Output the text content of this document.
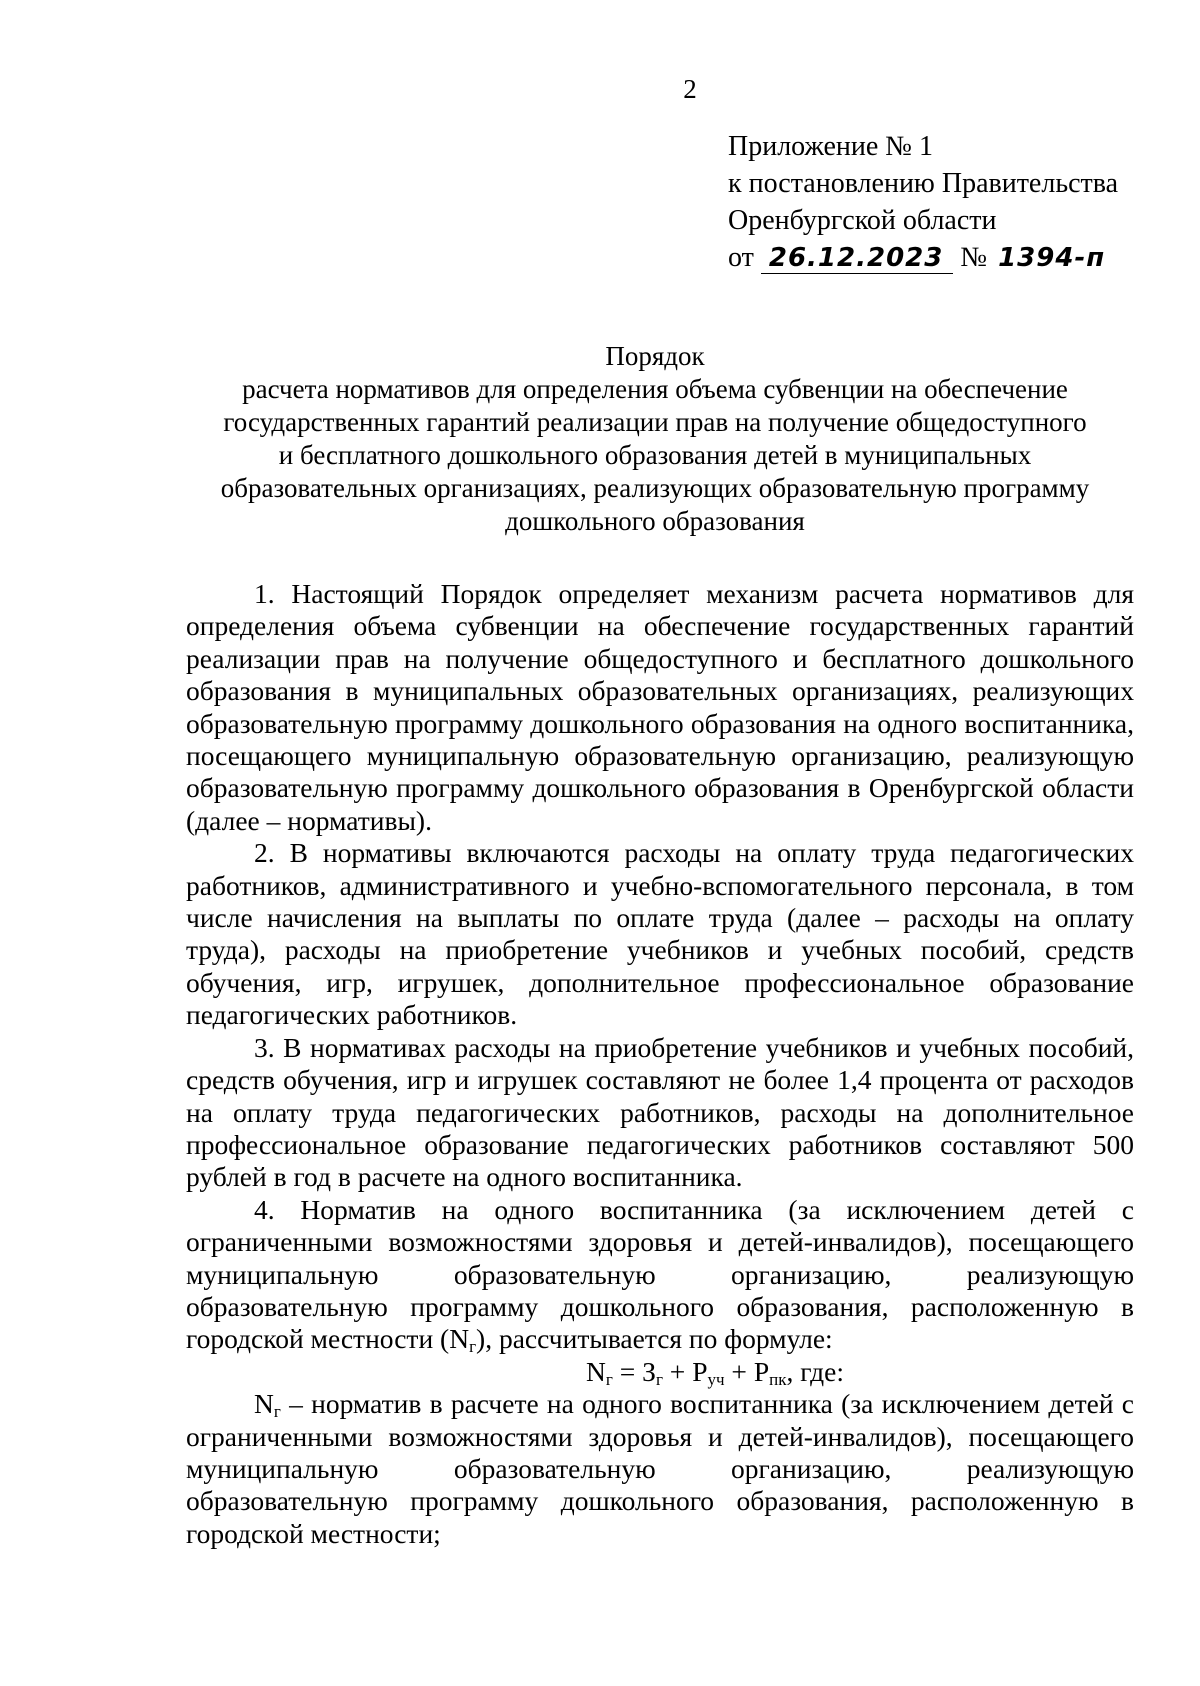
2
Приложение № 1
к постановлению Правительства
Оренбургской области
от 26.12.2023 № 1394-п
Порядок
расчета нормативов для определения объема субвенции на обеспечение
государственных гарантий реализации прав на получение общедоступного
и бесплатного дошкольного образования детей в муниципальных
образовательных организациях, реализующих образовательную программу
дошкольного образования

1. Настоящий Порядок определяет механизм расчета нормативов для определения объема субвенции на обеспечение государственных гарантий реализации прав на получение общедоступного и бесплатного дошкольного образования в муниципальных образовательных организациях, реализующих образовательную программу дошкольного образования на одного воспитанника, посещающего муниципальную образовательную организацию, реализующую образовательную программу дошкольного образования в Оренбургской области (далее – нормативы).

2. В нормативы включаются расходы на оплату труда педагогических работников, административного и учебно-вспомогательного персонала, в том числе начисления на выплаты по оплате труда (далее – расходы на оплату труда), расходы на приобретение учебников и учебных пособий, средств обучения, игр, игрушек, дополнительное профессиональное образование педагогических работников.

3. В нормативах расходы на приобретение учебников и учебных пособий, средств обучения, игр и игрушек составляют не более 1,4 процента от расходов на оплату труда педагогических работников, расходы на дополнительное профессиональное образование педагогических работников составляют 500 рублей в год в расчете на одного воспитанника.

4. Норматив на одного воспитанника (за исключением детей с ограниченными возможностями здоровья и детей-инвалидов), посещающего муниципальную образовательную организацию, реализующую образовательную программу дошкольного образования, расположенную в городской местности $(N_г)$, рассчитывается по формуле:

$N_г = З_г + Р_{уч} + Р_{пк}$, где:

$N_г$ – норматив в расчете на одного воспитанника (за исключением детей с ограниченными возможностями здоровья и детей-инвалидов), посещающего муниципальную образовательную организацию, реализующую образовательную программу дошкольного образования, расположенную в городской местности;
